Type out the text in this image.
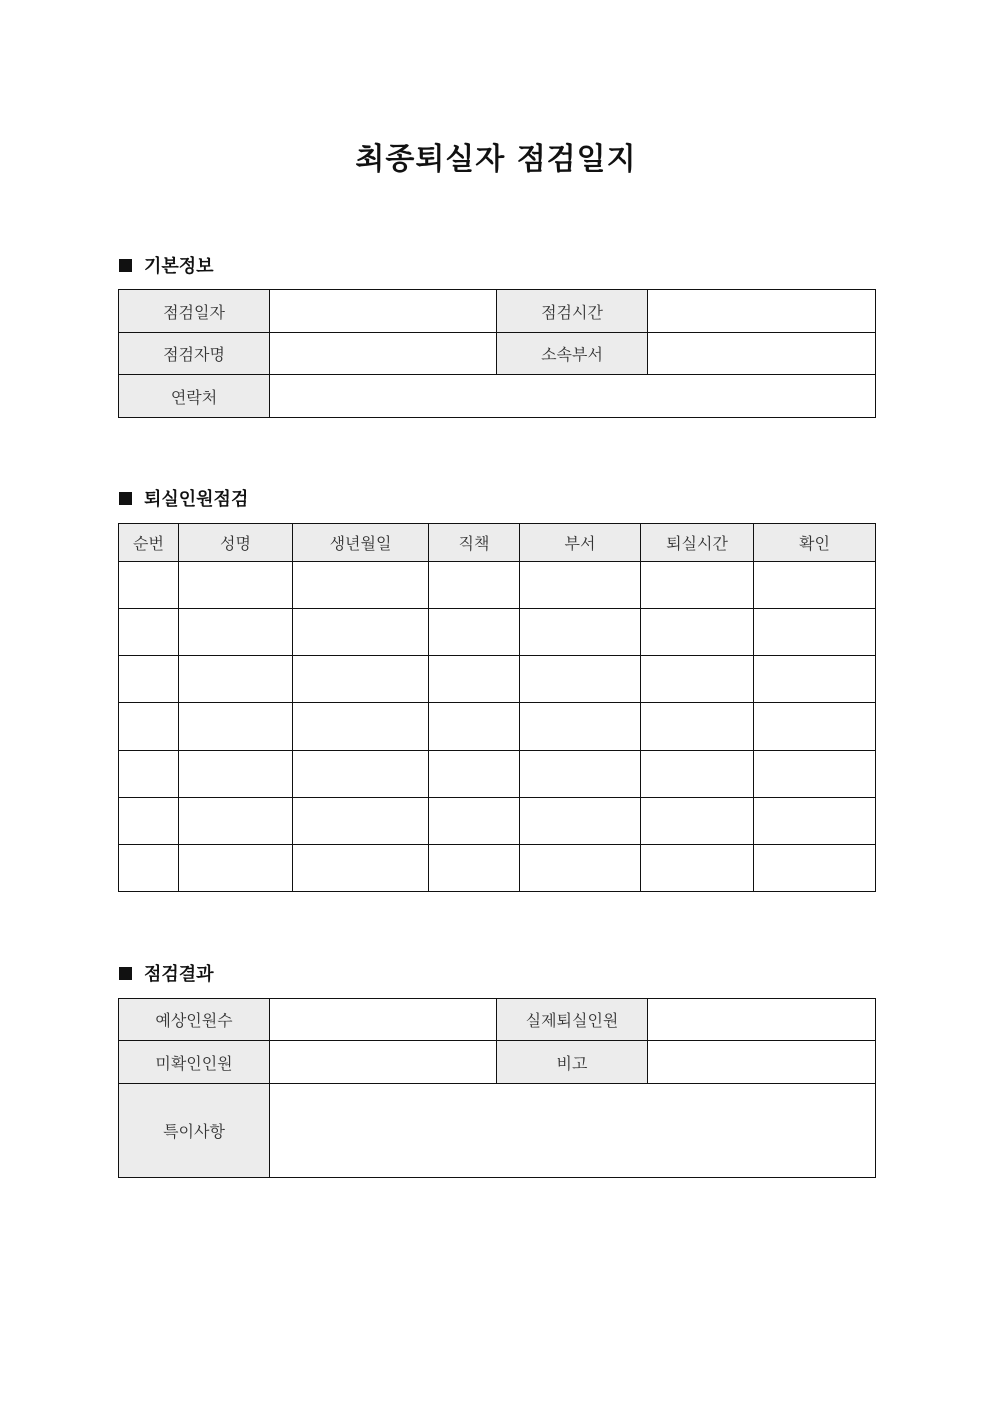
최종퇴실자 점검일지
기본정보
점검일자		점검시간	
점검자명		소속부서	
연락처			
퇴실인원점검
순번	성명	생년월일	직책	부서	퇴실시간	확인

점검결과
예상인원수		실제퇴실인원	
미확인인원		비고	
특이사항			
